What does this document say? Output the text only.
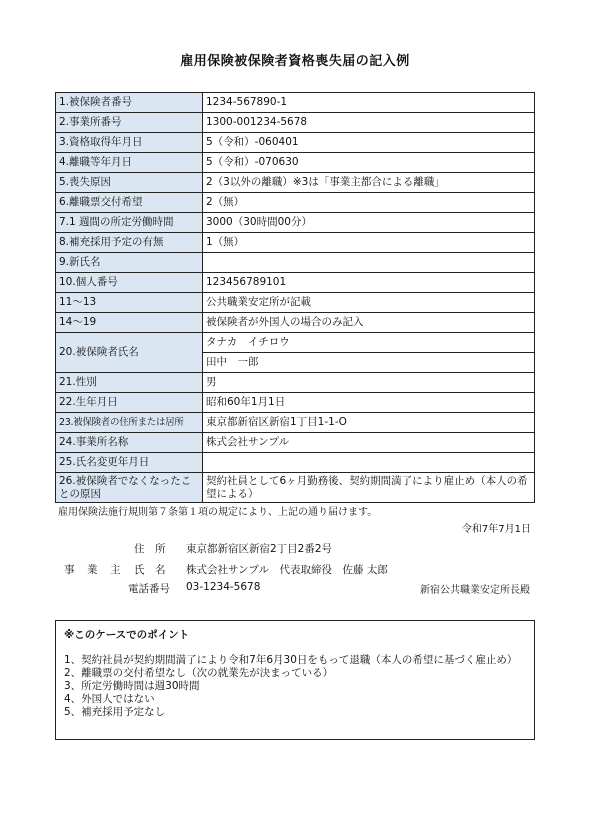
雇用保険被保険者資格喪失届の記入例
1.被保険者番号	1234-567890-1
2.事業所番号	1300-001234-5678
3.資格取得年月日	5（令和）-060401
4.離職等年月日	5（令和）-070630
5.喪失原因	2（3以外の離職）※3は「事業主都合による離職」
6.離職票交付希望	2（無）
7.1 週間の所定労働時間	3000（30時間00分）
8.補充採用予定の有無	1（無）
9.新氏名	
10.個人番号	123456789101
11〜13	公共職業安定所が記載
14〜19	被保険者が外国人の場合のみ記入
20.被保険者氏名	タナカ　イチロウ
	田中　一郎
21.性別	男
22.生年月日	昭和60年1月1日
23.被保険者の住所または居所	東京都新宿区新宿1丁目1-1-O
24.事業所名称	株式会社サンプル
25.氏名変更年月日	
26.被保険者でなくなったことの原因	契約社員として6ヶ月勤務後、契約期間満了により雇止め（本人の希望による）
雇用保険法施行規則第７条第１項の規定により、上記の通り届けます。
令和7年7月1日
住　所 東京都新宿区新宿2丁目2番2号
事　業　主 氏　名 株式会社サンプル　代表取締役　佐藤 太郎
電話番号 03-1234-5678	新宿公共職業安定所長殿
※このケースでのポイント
1、契約社員が契約期間満了により令和7年6月30日をもって退職（本人の希望に基づく雇止め）
2、離職票の交付希望なし（次の就業先が決まっている）
3、所定労働時間は週30時間
4、外国人ではない
5、補充採用予定なし
